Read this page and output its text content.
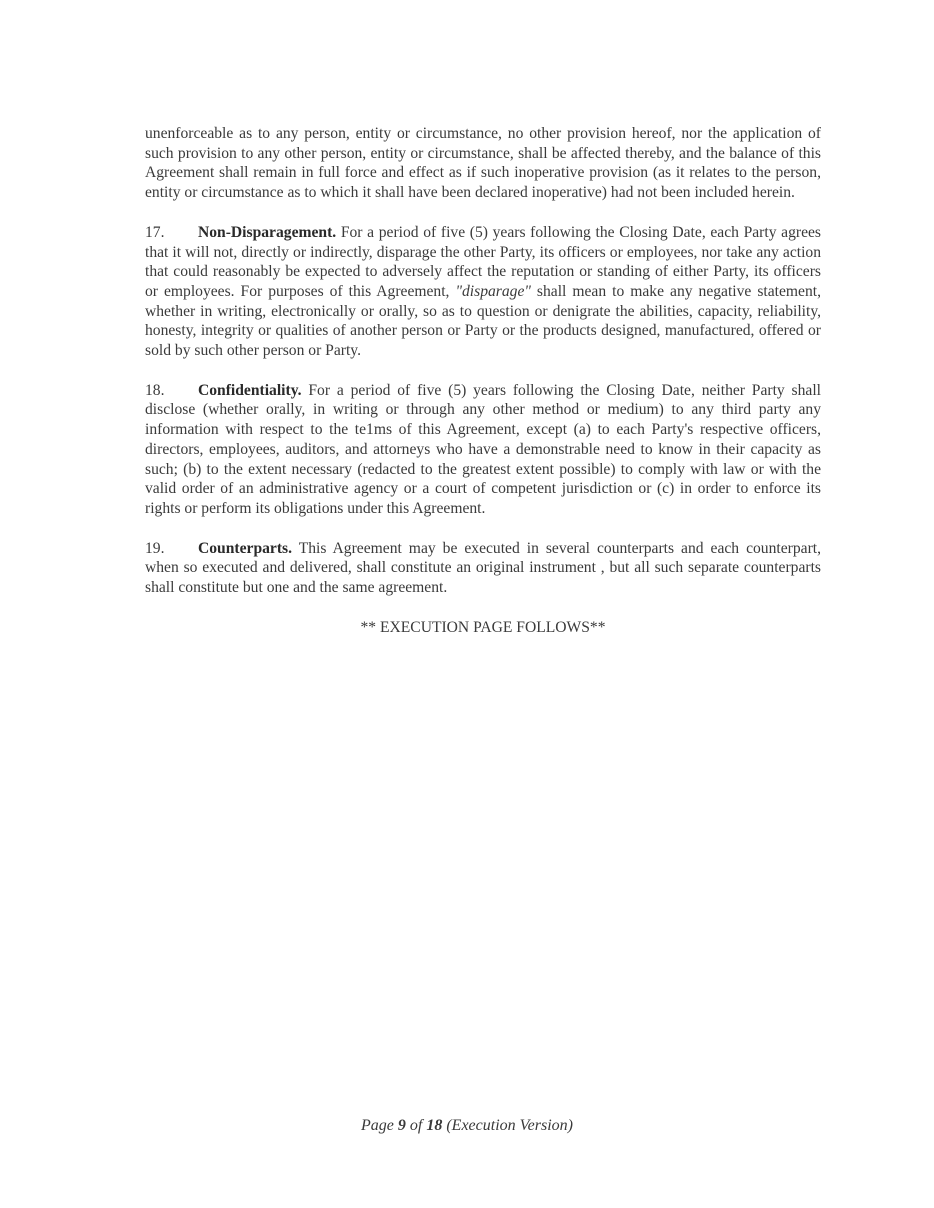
unenforceable as to any person, entity or circumstance, no other provision hereof, nor the application of such provision to any other person, entity or circumstance, shall be affected thereby, and the balance of this Agreement shall remain in full force and effect as if such inoperative provision (as it relates to the person, entity or circumstance as to which it shall have been declared inoperative) had not been included herein.

17. Non-Disparagement. For a period of five (5) years following the Closing Date, each Party agrees that it will not, directly or indirectly, disparage the other Party, its officers or employees, nor take any action that could reasonably be expected to adversely affect the reputation or standing of either Party, its officers or employees. For purposes of this Agreement, "disparage" shall mean to make any negative statement, whether in writing, electronically or orally, so as to question or denigrate the abilities, capacity, reliability, honesty, integrity or qualities of another person or Party or the products designed, manufactured, offered or sold by such other person or Party.

18. Confidentiality. For a period of five (5) years following the Closing Date, neither Party shall disclose (whether orally, in writing or through any other method or medium) to any third party any information with respect to the te1ms of this Agreement, except (a) to each Party's respective officers, directors, employees, auditors, and attorneys who have a demonstrable need to know in their capacity as such; (b) to the extent necessary (redacted to the greatest extent possible) to comply with law or with the valid order of an administrative agency or a court of competent jurisdiction or (c) in order to enforce its rights or perform its obligations under this Agreement.

19. Counterparts. This Agreement may be executed in several counterparts and each counterpart, when so executed and delivered, shall constitute an original instrument , but all such separate counterparts shall constitute but one and the same agreement.

** EXECUTION PAGE FOLLOWS**

Page 9 of 18 (Execution Version)
